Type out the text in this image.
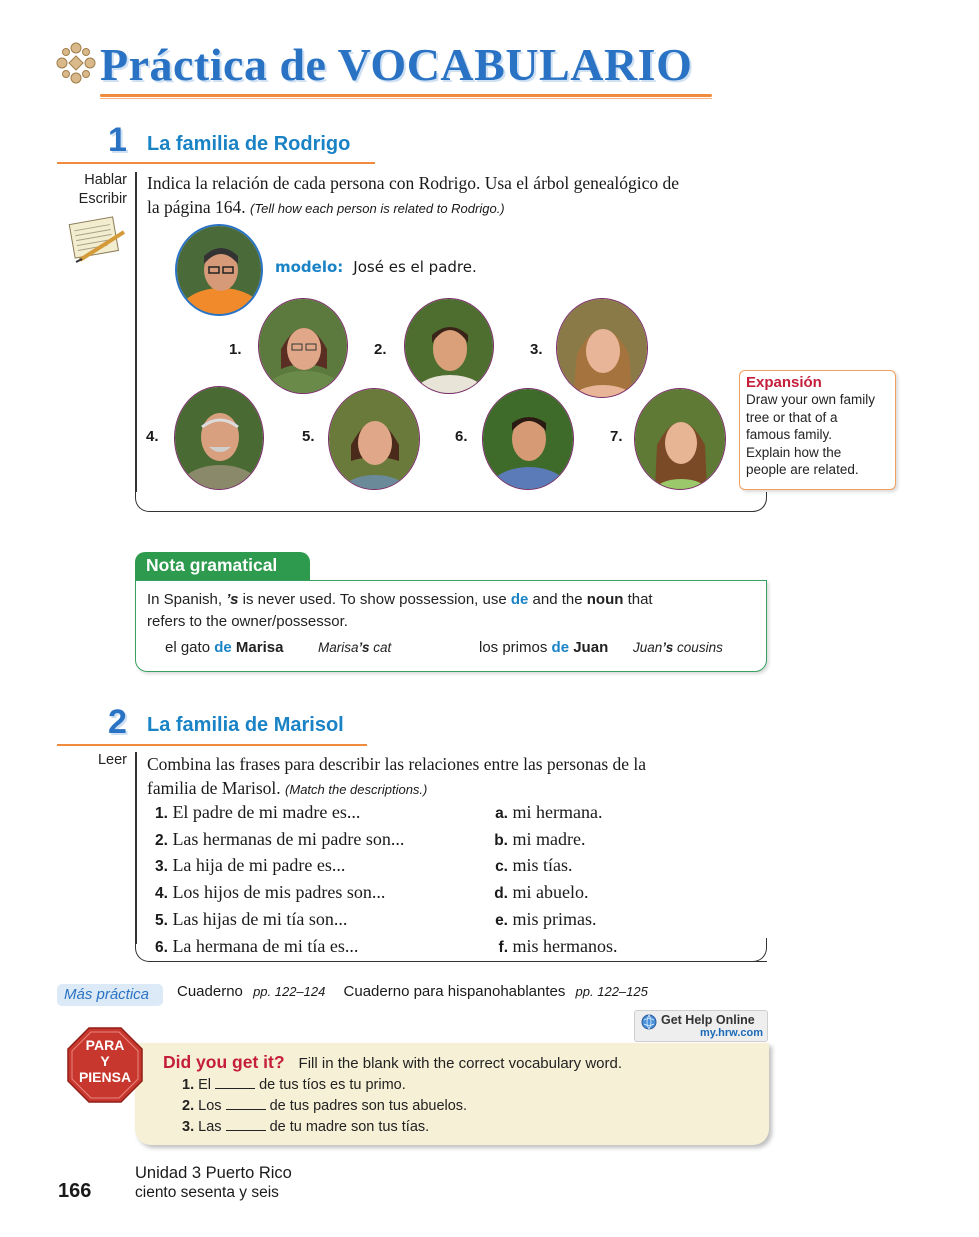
Práctica de VOCABULARIO
1 La familia de Rodrigo
Hablar
Escribir
Indica la relación de cada persona con Rodrigo. Usa el árbol genealógico de
la página 164. (Tell how each person is related to Rodrigo.)
modelo: José es el padre.
1.	2.	3.
4.	5.	6.	7.
Expansión
Draw your own family
tree or that of a
famous family.
Explain how the
people are related.
Nota gramatical
In Spanish, ’s is never used. To show possession, use de and the noun that
refers to the owner/possessor.
el gato de Marisa	Marisa’s cat	los primos de Juan Juan’s cousins
2 La familia de Marisol
Leer Combina las frases para describir las relaciones entre las personas de la
familia de Marisol. (Match the descriptions.)
1. El padre de mi madre es...
2. Las hermanas de mi padre son...
3. La hija de mi padre es...
4. Los hijos de mis padres son...
5. Las hijas de mi tía son...
6. La hermana de mi tía es...
a. mi hermana.
b. mi madre.
c. mis tías.
d. mi abuelo.
e. mis primas.
f. mis hermanos.
Más práctica	Cuaderno pp. 122–124 Cuaderno para hispanohablantes pp. 122–125
Get Help Online
my.hrw.com
PARA
Y
PIENSA
Did you get it? Fill in the blank with the correct vocabulary word.
1. El	de tus tíos es tu primo.
2. Los	de tus padres son tus abuelos.
3. Las	de tu madre son tus tías.
166
Unidad 3 Puerto Rico
ciento sesenta y seis
